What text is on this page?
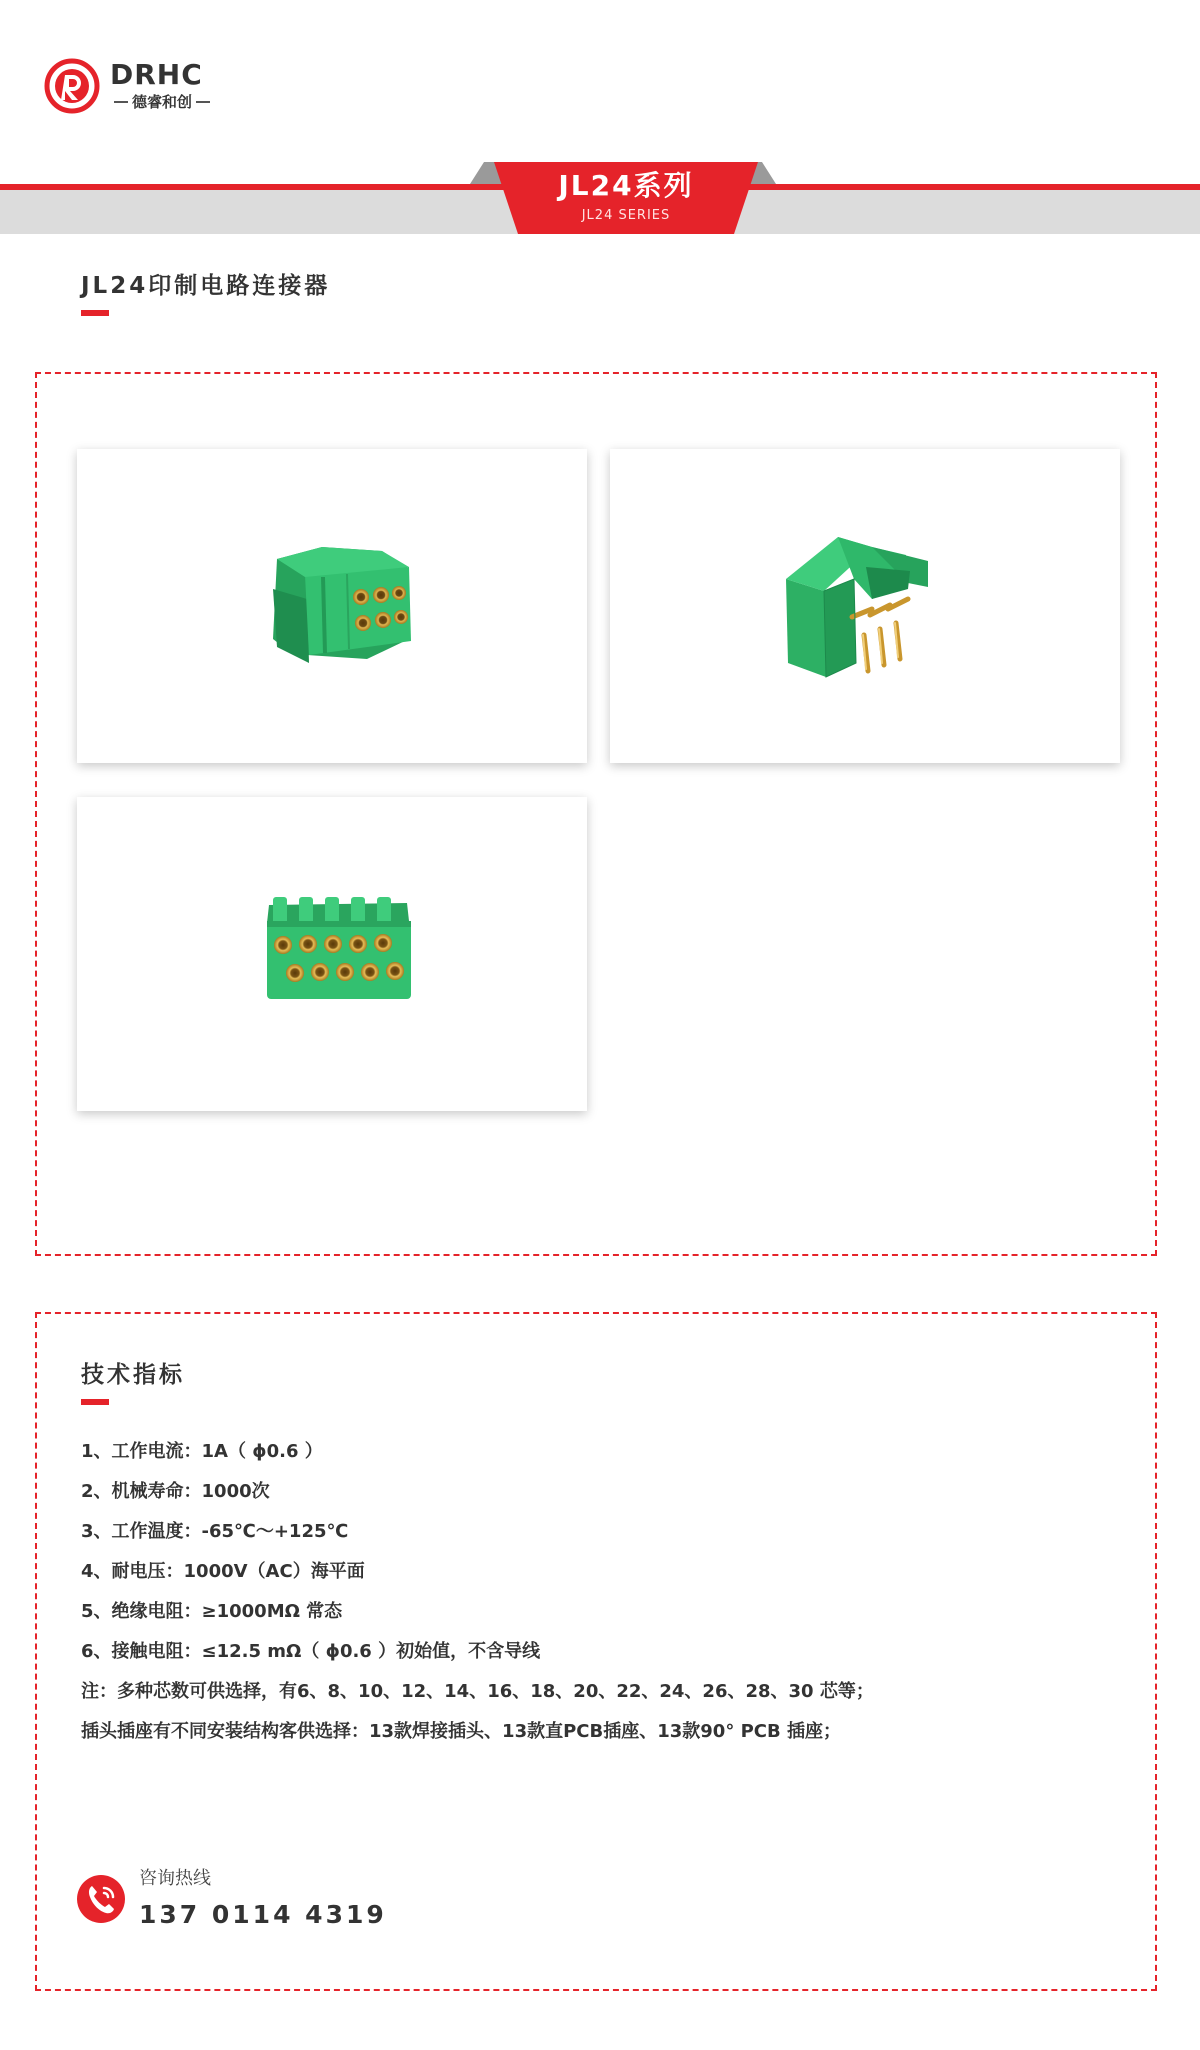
DRHC
德睿和创
JL24系列
JL24 SERIES
JL24印制电路连接器
技术指标
1、工作电流：1A（ ϕ0.6 ）
2、机械寿命：1000次
3、工作温度：-65℃～+125℃
4、耐电压：1000V（AC）海平面
5、绝缘电阻：≥1000MΩ 常态
6、接触电阻：≤12.5 mΩ（ ϕ0.6 ）初始值，不含导线
注：多种芯数可供选择，有6、8、10、12、14、16、18、20、22、24、26、28、30 芯等；
插头插座有不同安装结构客供选择：13款焊接插头、13款直PCB插座、13款90° PCB 插座；
咨询热线
137 0114 4319
